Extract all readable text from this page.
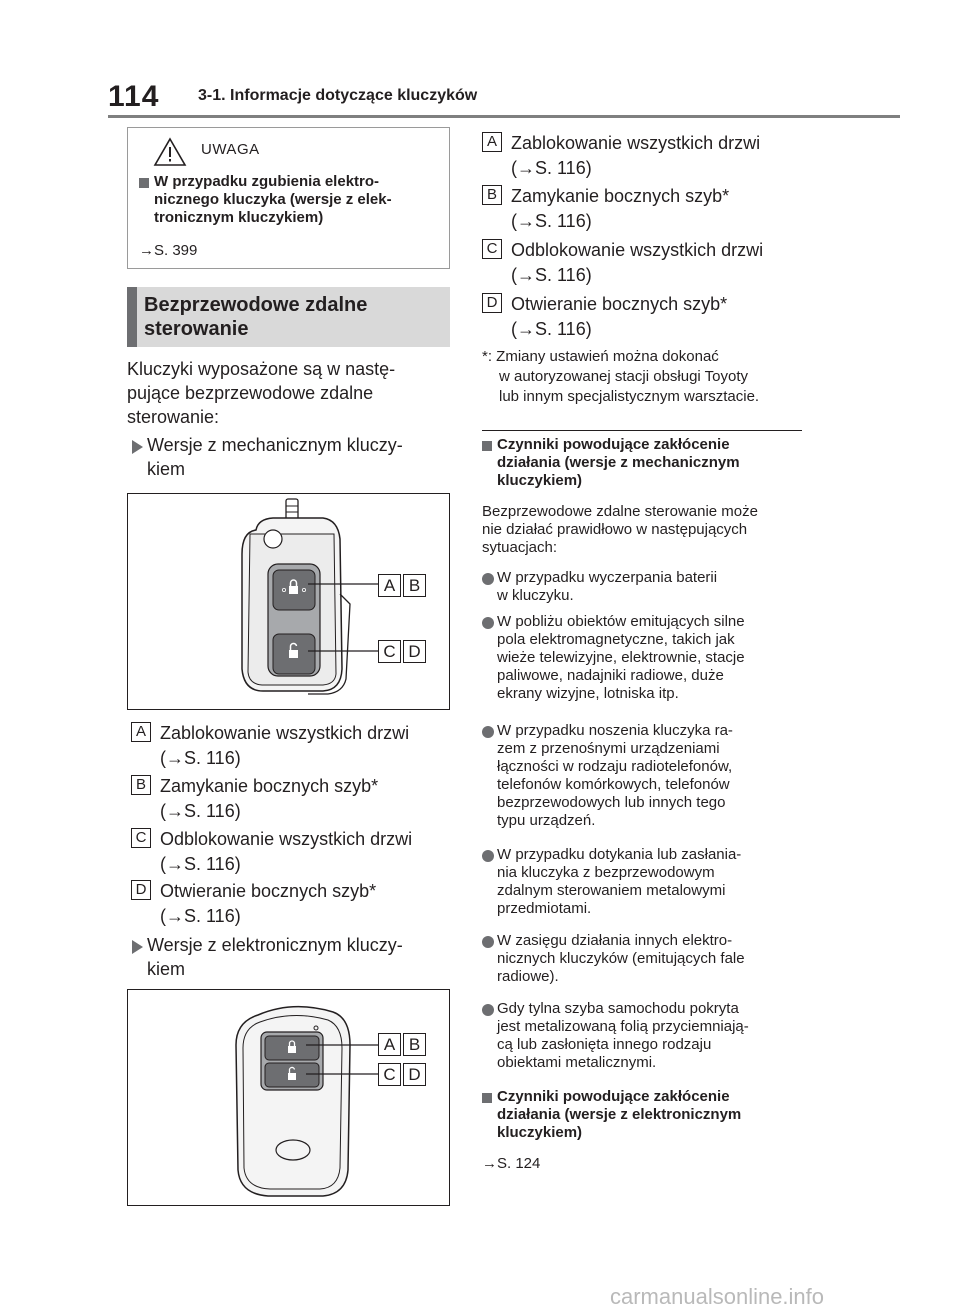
114 3-1. Informacje dotyczące kluczyków
UWAGA
W przypadku zgubienia elektro-nicznego kluczyka (wersje z elek-tronicznym kluczykiem)
→S. 399
Bezprzewodowe zdalne
sterowanie
Kluczyki wyposażone są w nastę-
pujące bezprzewodowe zdalne
sterowanie:
Wersje z mechanicznym kluczy-
kiem
A B
C D
A Zablokowanie wszystkich drzwi
(→S. 116)
B Zamykanie bocznych szyb*
(→S. 116)
C Odblokowanie wszystkich drzwi
(→S. 116)
D Otwieranie bocznych szyb*
(→S. 116)
Wersje z elektronicznym kluczy-
kiem
A B
C D
A Zablokowanie wszystkich drzwi
(→S. 116)
B Zamykanie bocznych szyb*
(→S. 116)
C Odblokowanie wszystkich drzwi
(→S. 116)
D Otwieranie bocznych szyb*
(→S. 116)
*: Zmiany ustawień można dokonać
w autoryzowanej stacji obsługi Toyoty
lub innym specjalistycznym warsztacie.
Czynniki powodujące zakłócenie
działania (wersje z mechanicznym
kluczykiem)
Bezprzewodowe zdalne sterowanie może
nie działać prawidłowo w następujących
sytuacjach:
W przypadku wyczerpania baterii
w kluczyku.
W pobliżu obiektów emitujących silne
pola elektromagnetyczne, takich jak
wieże telewizyjne, elektrownie, stacje
paliwowe, nadajniki radiowe, duże
ekrany wizyjne, lotniska itp.
W przypadku noszenia kluczyka ra-
zem z przenośnymi urządzeniami
łączności w rodzaju radiotelefonów,
telefonów komórkowych, telefonów
bezprzewodowych lub innych tego
typu urządzeń.
W przypadku dotykania lub zasłania-
nia kluczyka z bezprzewodowym
zdalnym sterowaniem metalowymi
przedmiotami.
W zasięgu działania innych elektro-
nicznych kluczyków (emitujących fale
radiowe).
Gdy tylna szyba samochodu pokryta
jest metalizowaną folią przyciemniają-
cą lub zasłonięta innego rodzaju
obiektami metalicznymi.
Czynniki powodujące zakłócenie
działania (wersje z elektronicznym
kluczykiem)
→S. 124
carmanualsonline.info
